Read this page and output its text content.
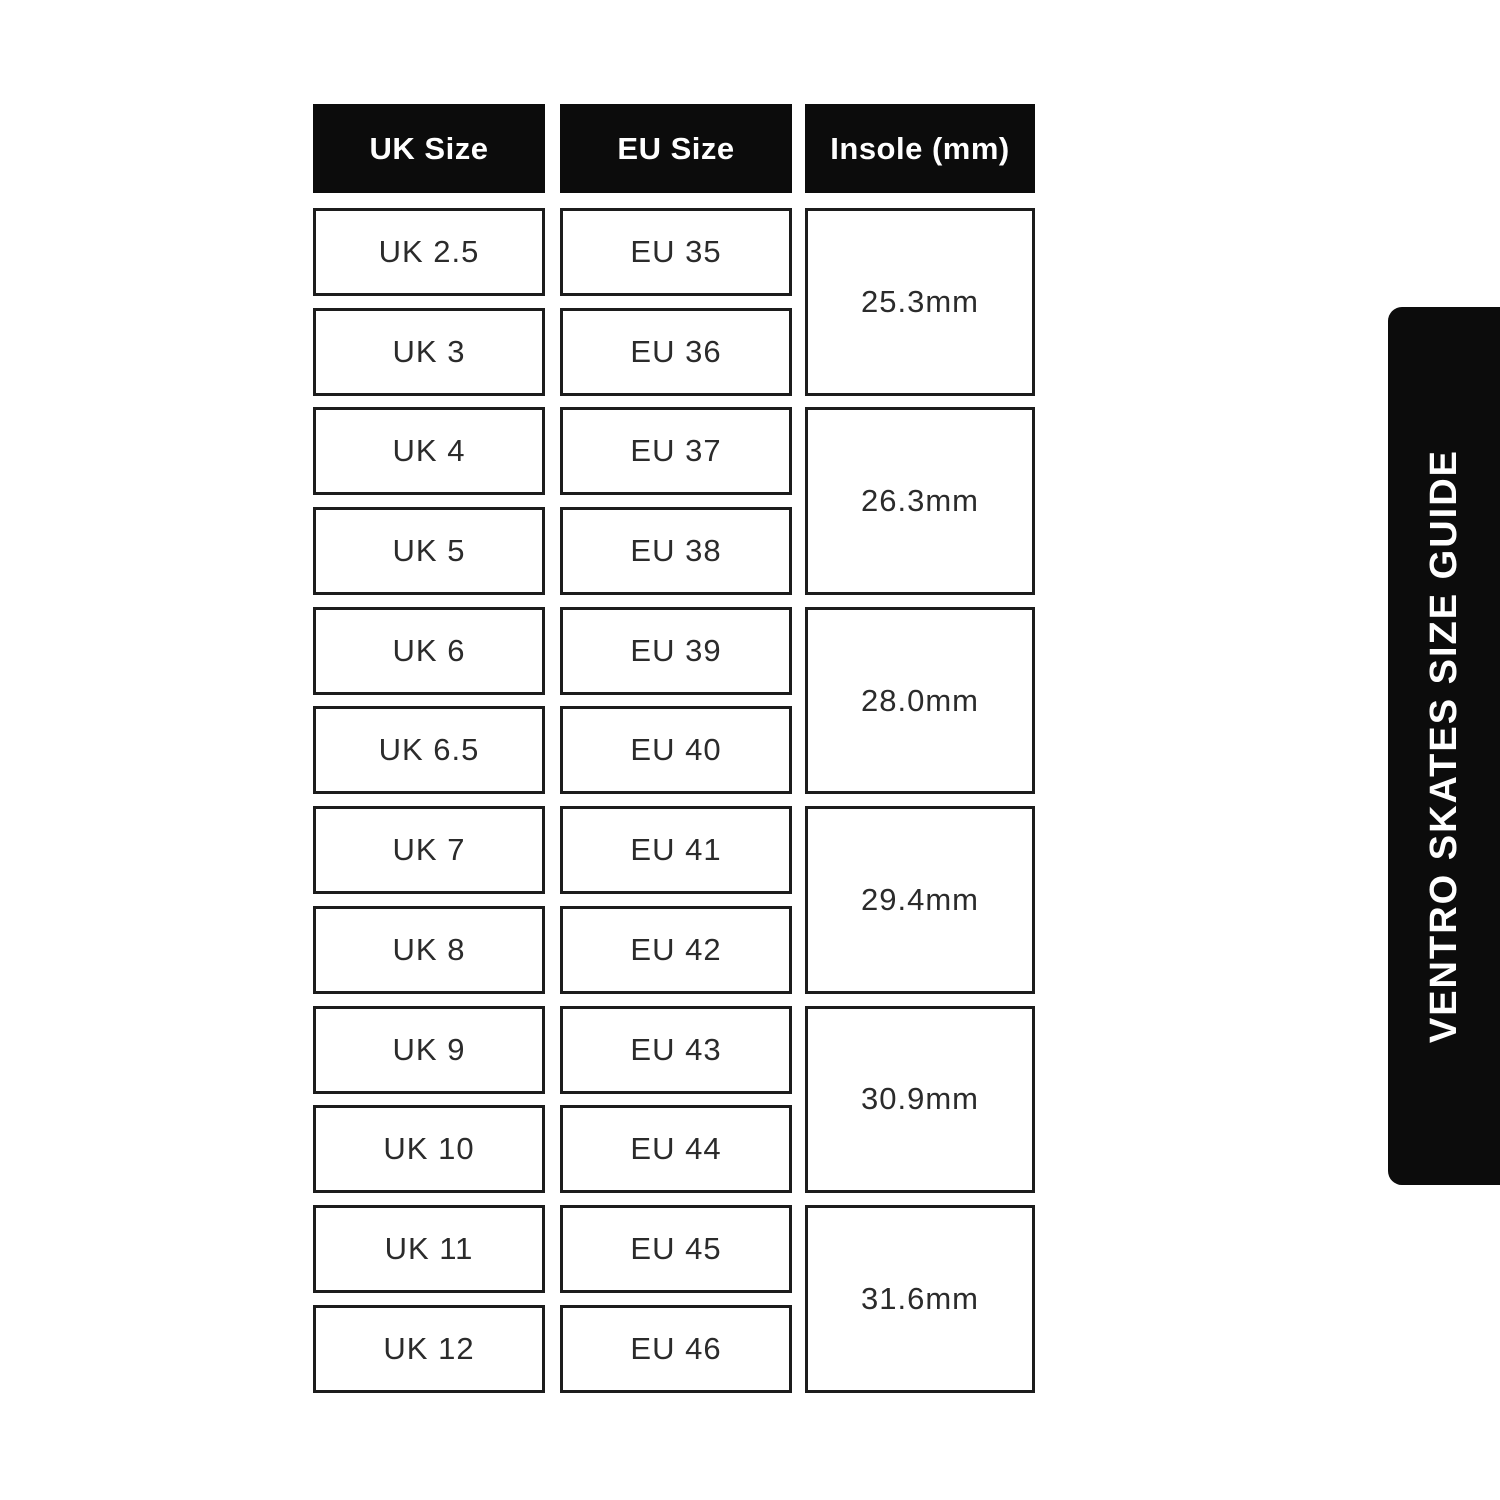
UK Size
UK 2.5
UK 3
UK 4
UK 5
UK 6
UK 6.5
UK 7
UK 8
UK 9
UK 10
UK 11
UK 12
EU Size
EU 35
EU 36
EU 37
EU 38
EU 39
EU 40
EU 41
EU 42
EU 43
EU 44
EU 45
EU 46
Insole (mm)
25.3mm
26.3mm
28.0mm
29.4mm
30.9mm
31.6mm
VENTRO SKATES SIZE GUIDE
